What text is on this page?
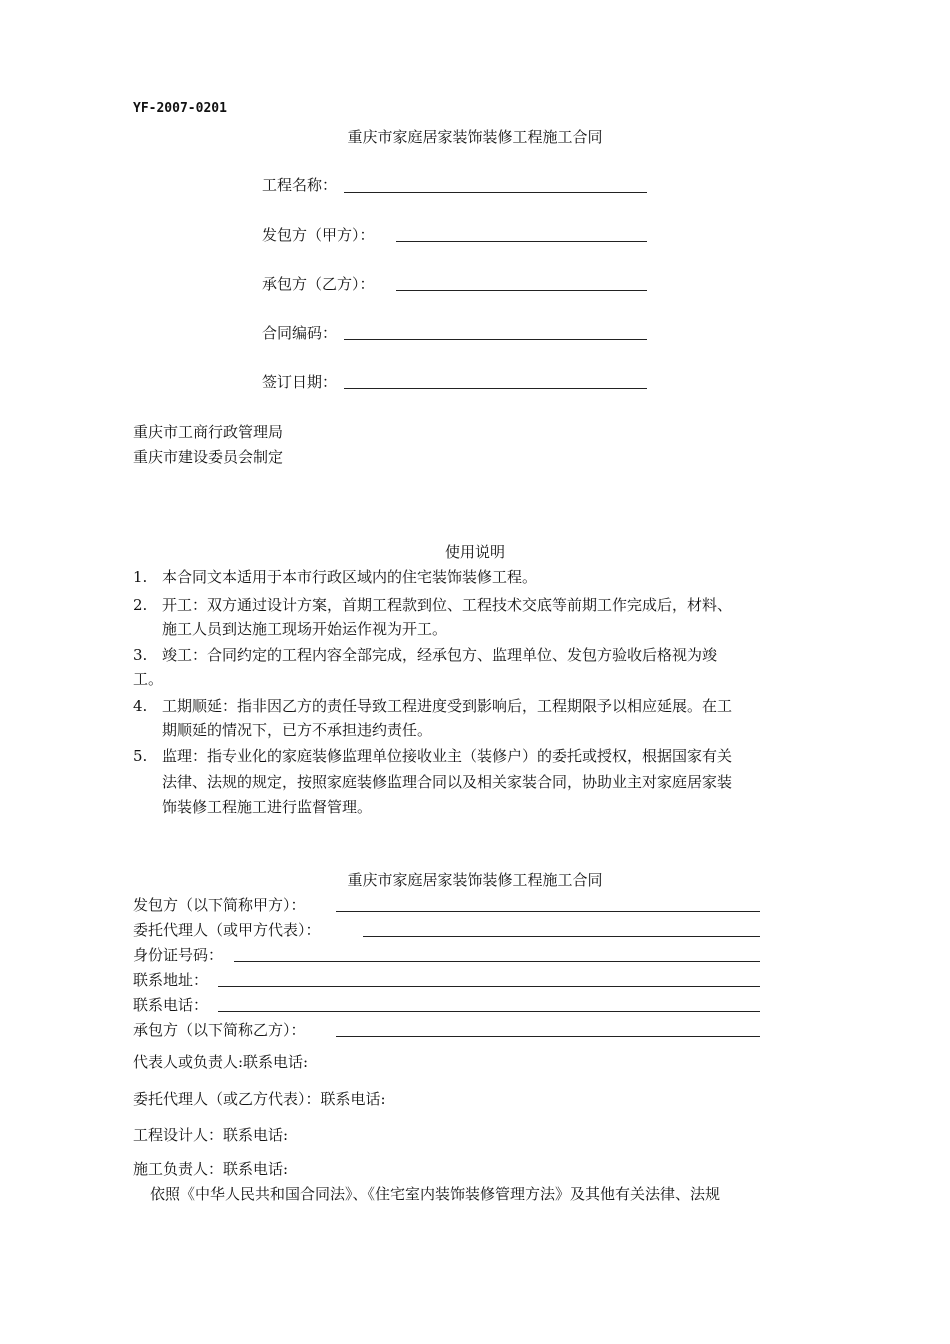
YF-2007-0201
重庆市家庭居家装饰装修工程施工合同
工程名称：
发包方（甲方）：
承包方（乙方）：
合同编码：
签订日期：
重庆市工商行政管理局
重庆市建设委员会制定
使用说明
1. 本合同文本适用于本市行政区域内的住宅装饰装修工程。
2. 开工：双方通过设计方案，首期工程款到位、工程技术交底等前期工作完成后，材料、
施工人员到达施工现场开始运作视为开工。
3. 竣工：合同约定的工程内容全部完成，经承包方、监理单位、发包方验收后格视为竣
工。
4. 工期顺延：指非因乙方的责任导致工程进度受到影响后，工程期限予以相应延展。在工
期顺延的情况下，已方不承担违约责任。
5. 监理：指专业化的家庭装修监理单位接收业主（装修户）的委托或授权，根据国家有关
法律、法规的规定，按照家庭装修监理合同以及相关家装合同，协助业主对家庭居家装
饰装修工程施工进行监督管理。
重庆市家庭居家装饰装修工程施工合同
发包方（以下简称甲方）：
委托代理人（或甲方代表）：
身份证号码：
联系地址：
联系电话：
承包方（以下简称乙方）：
代表人或负责人:联系电话:
委托代理人（或乙方代表）：联系电话:
工程设计人：联系电话:
施工负责人：联系电话:
依照《中华人民共和国合同法》、《住宅室内装饰装修管理方法》及其他有关法律、法规
